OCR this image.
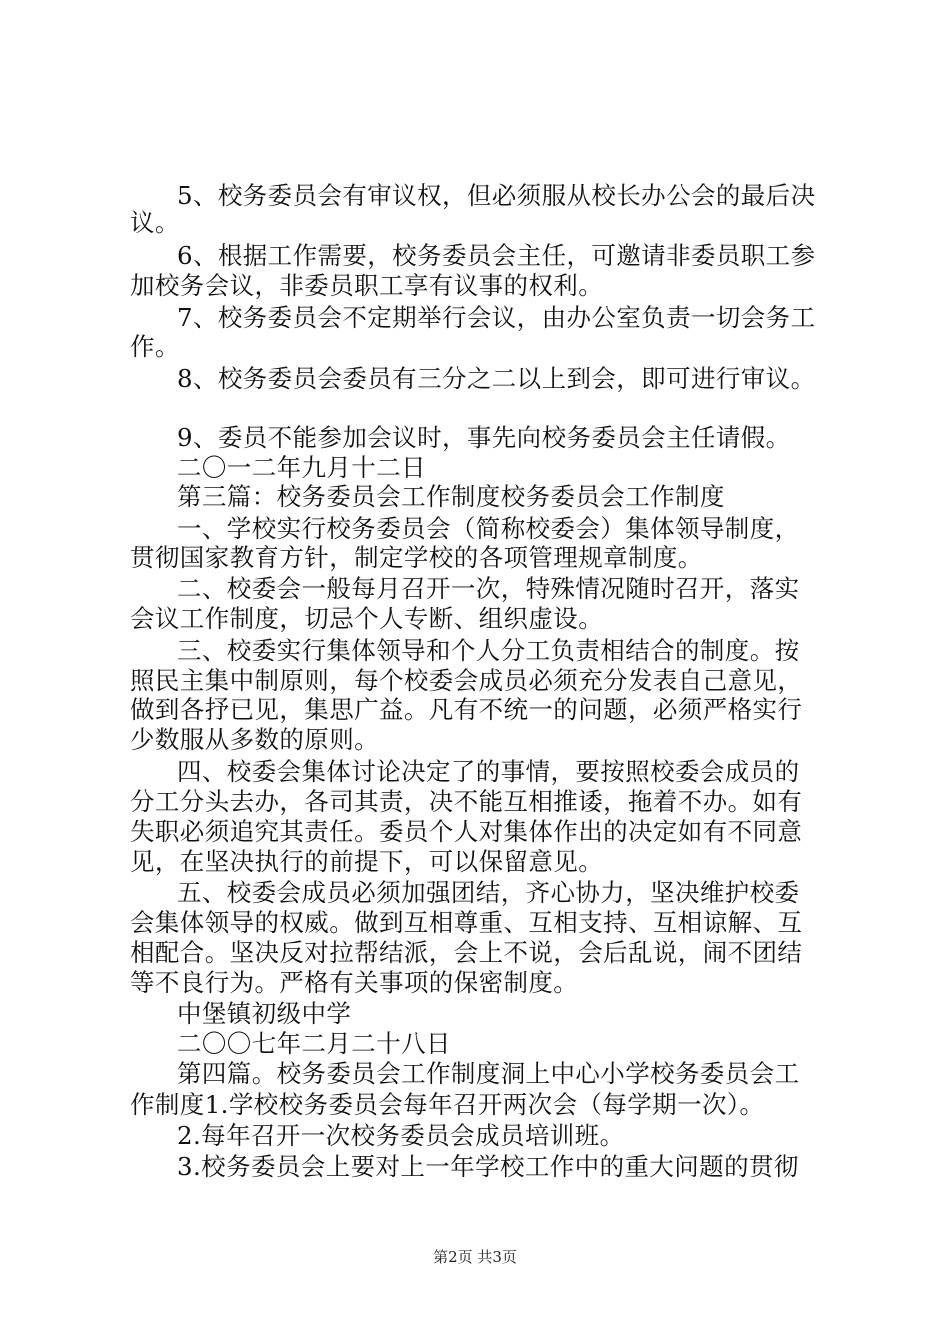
5、校务委员会有审议权，但必须服从校长办公会的最后决
议。
6、根据工作需要，校务委员会主任，可邀请非委员职工参
加校务会议，非委员职工享有议事的权利。
7、校务委员会不定期举行会议，由办公室负责一切会务工
作。
8、校务委员会委员有三分之二以上到会，即可进行审议。
9、委员不能参加会议时，事先向校务委员会主任请假。
二〇一二年九月十二日
第三篇：校务委员会工作制度校务委员会工作制度
一、学校实行校务委员会（简称校委会）集体领导制度，
贯彻国家教育方针，制定学校的各项管理规章制度。
二、校委会一般每月召开一次，特殊情况随时召开，落实
会议工作制度，切忌个人专断、组织虚设。
三、校委实行集体领导和个人分工负责相结合的制度。按
照民主集中制原则，每个校委会成员必须充分发表自己意见，
做到各抒已见，集思广益。凡有不统一的问题，必须严格实行
少数服从多数的原则。
四、校委会集体讨论决定了的事情，要按照校委会成员的
分工分头去办，各司其责，决不能互相推诿，拖着不办。如有
失职必须追究其责任。委员个人对集体作出的决定如有不同意
见，在坚决执行的前提下，可以保留意见。
五、校委会成员必须加强团结，齐心协力，坚决维护校委
会集体领导的权威。做到互相尊重、互相支持、互相谅解、互
相配合。坚决反对拉帮结派，会上不说，会后乱说，闹不团结
等不良行为。严格有关事项的保密制度。
中堡镇初级中学
二〇〇七年二月二十八日
第四篇。校务委员会工作制度洞上中心小学校务委员会工
作制度1.学校校务委员会每年召开两次会（每学期一次）。
2.每年召开一次校务委员会成员培训班。
3.校务委员会上要对上一年学校工作中的重大问题的贯彻
第2页 共3页
